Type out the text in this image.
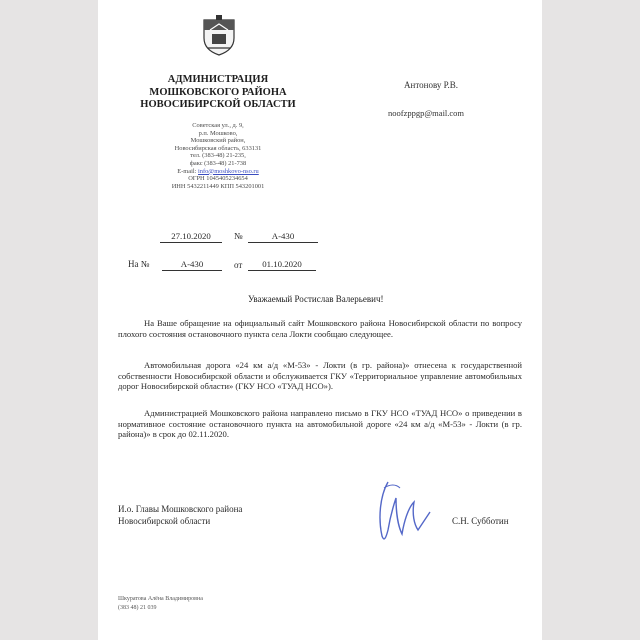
АДМИНИСТРАЦИЯ
МОШКОВСКОГО РАЙОНА
НОВОСИБИРСКОЙ ОБЛАСТИ
Советская ул., д. 9,
р.п. Мошково,
Мошковский район,
Новосибирская область, 633131
тел. (383-48) 21-235,
факс (383-48) 21-738
E-mail: info@moshkovo-nso.ru
ОГРН 1045405234654
ИНН 5432211449 КПП 543201001
Антонову Р.В.
noofzppgp@mail.com
27.10.2020	№	А-430
На №	А-430	от	01.10.2020
Уважаемый Ростислав Валерьевич!
На Ваше обращение на официальный сайт Мошковского района Новосибирской области по вопросу плохого состояния остановочного пункта села Локти сообщаю следующее.
Автомобильная дорога «24 км а/д «М-53» - Локти (в гр. района)» отнесена к государственной собственности Новосибирской области и обслуживается ГКУ «Территориальное управление автомобильных дорог Новосибирской области» (ГКУ НСО «ТУАД НСО»).
Администрацией Мошковского района направлено письмо в ГКУ НСО «ТУАД НСО» о приведении в нормативное состояние остановочного пункта на автомобильной дороге «24 км а/д «М-53» - Локти (в гр. района)» в срок до 02.11.2020.
И.о. Главы Мошковского района
Новосибирской области	С.Н. Субботин
Шкуратова Алёна Владимировна
(383 48) 21 039
